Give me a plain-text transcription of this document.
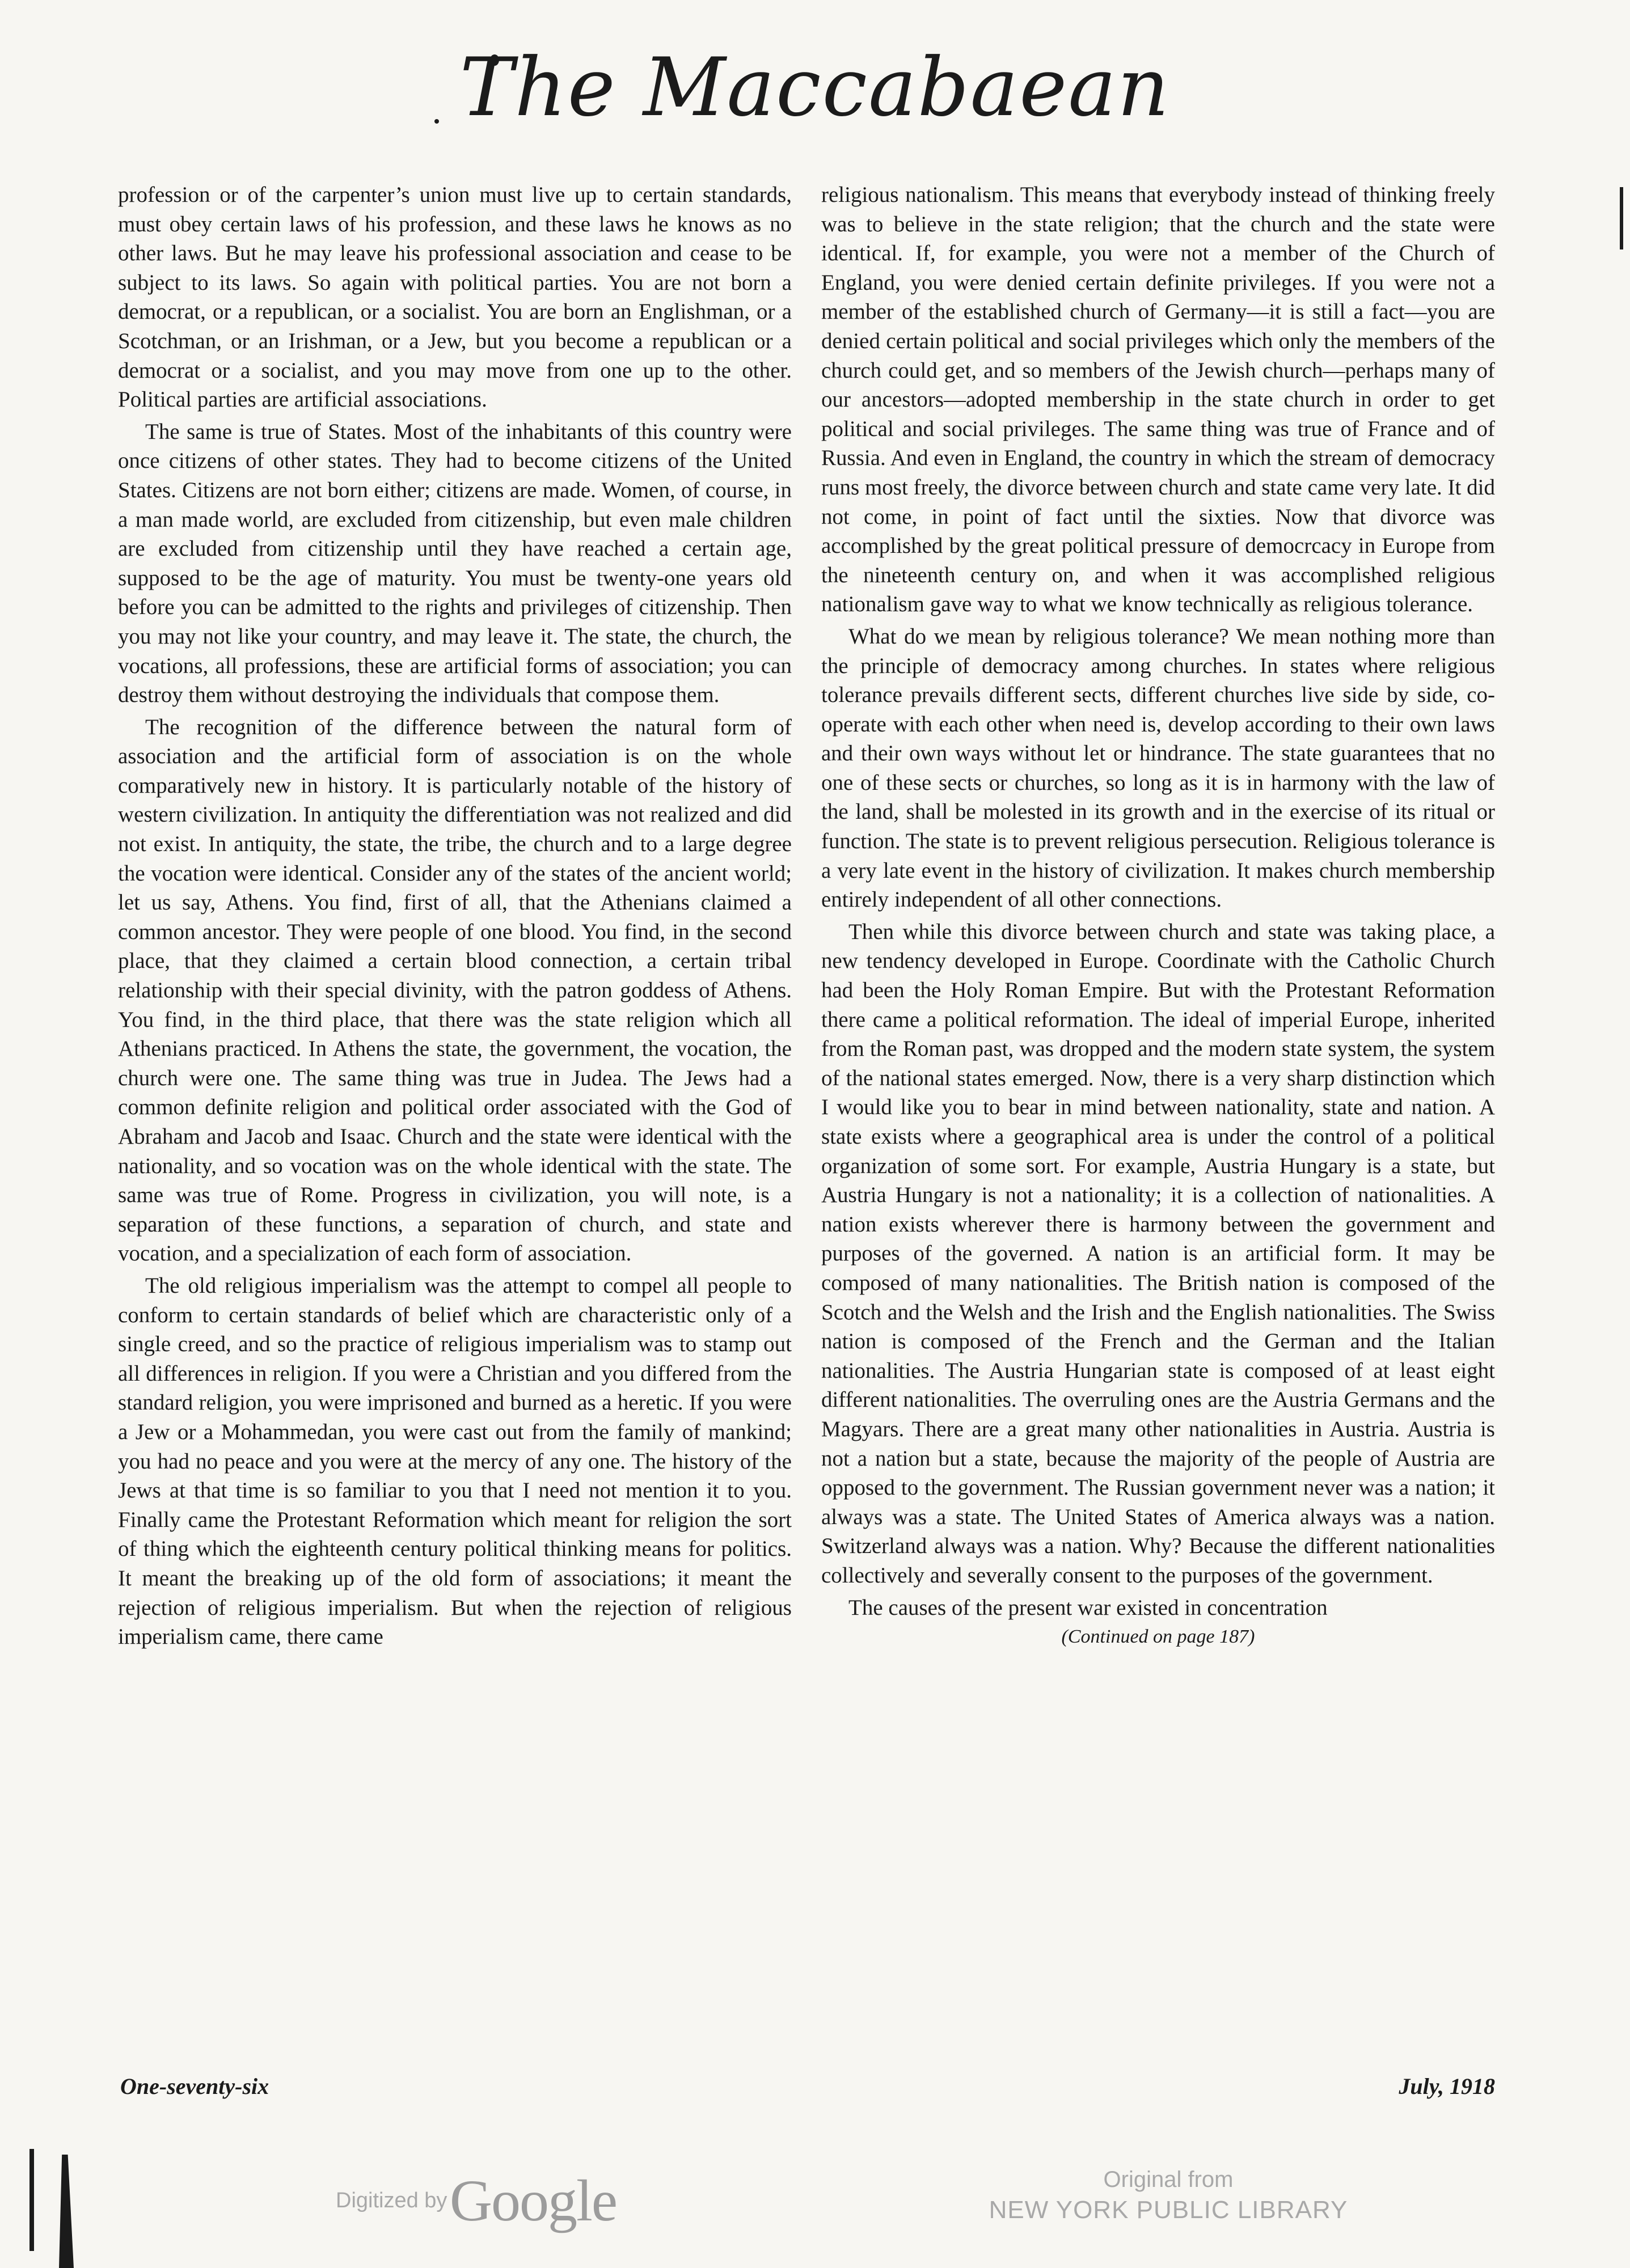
The Maccabaean

profession or of the carpenter’s union must live up to certain standards, must obey certain laws of his profession, and these laws he knows as no other laws. But he may leave his professional association and cease to be subject to its laws. So again with political parties. You are not born a democrat, or a republican, or a socialist. You are born an Englishman, or a Scotchman, or an Irishman, or a Jew, but you become a republican or a democrat or a socialist, and you may move from one up to the other. Political parties are artificial associations.

The same is true of States. Most of the inhabitants of this country were once citizens of other states. They had to become citizens of the United States. Citizens are not born either; citizens are made. Women, of course, in a man made world, are excluded from citizenship, but even male children are excluded from citizenship until they have reached a certain age, supposed to be the age of maturity. You must be twenty-one years old before you can be admitted to the rights and privileges of citizenship. Then you may not like your country, and may leave it. The state, the church, the vocations, all professions, these are artificial forms of association; you can destroy them without destroying the individuals that compose them.

The recognition of the difference between the natural form of association and the artificial form of association is on the whole comparatively new in history. It is particularly notable of the history of western civilization. In antiquity the differentiation was not realized and did not exist. In antiquity, the state, the tribe, the church and to a large degree the vocation were identical. Consider any of the states of the ancient world; let us say, Athens. You find, first of all, that the Athenians claimed a common ancestor. They were people of one blood. You find, in the second place, that they claimed a certain blood connection, a certain tribal relationship with their special divinity, with the patron goddess of Athens. You find, in the third place, that there was the state religion which all Athenians practiced. In Athens the state, the government, the vocation, the church were one. The same thing was true in Judea. The Jews had a common definite religion and political order associated with the God of Abraham and Jacob and Isaac. Church and the state were identical with the nationality, and so vocation was on the whole identical with the state. The same was true of Rome. Progress in civilization, you will note, is a separation of these functions, a separation of church, and state and vocation, and a specialization of each form of association.

The old religious imperialism was the attempt to compel all people to conform to certain standards of belief which are characteristic only of a single creed, and so the practice of religious imperialism was to stamp out all differences in religion. If you were a Christian and you differed from the standard religion, you were imprisoned and burned as a heretic. If you were a Jew or a Mohammedan, you were cast out from the family of mankind; you had no peace and you were at the mercy of any one. The history of the Jews at that time is so familiar to you that I need not mention it to you. Finally came the Protestant Reformation which meant for religion the sort of thing which the eighteenth century political thinking means for politics. It meant the breaking up of the old form of associations; it meant the rejection of religious imperialism. But when the rejection of religious imperialism came, there came

religious nationalism. This means that everybody instead of thinking freely was to believe in the state religion; that the church and the state were identical. If, for example, you were not a member of the Church of England, you were denied certain definite privileges. If you were not a member of the established church of Germany—it is still a fact—you are denied certain political and social privileges which only the members of the church could get, and so members of the Jewish church—perhaps many of our ancestors—adopted membership in the state church in order to get political and social privileges. The same thing was true of France and of Russia. And even in England, the country in which the stream of democracy runs most freely, the divorce between church and state came very late. It did not come, in point of fact until the sixties. Now that divorce was accomplished by the great political pressure of democrcacy in Europe from the nineteenth century on, and when it was accomplished religious nationalism gave way to what we know technically as religious tolerance.

What do we mean by religious tolerance? We mean nothing more than the principle of democracy among churches. In states where religious tolerance prevails different sects, different churches live side by side, co-operate with each other when need is, develop according to their own laws and their own ways without let or hindrance. The state guarantees that no one of these sects or churches, so long as it is in harmony with the law of the land, shall be molested in its growth and in the exercise of its ritual or function. The state is to prevent religious persecution. Religious tolerance is a very late event in the history of civilization. It makes church membership entirely independent of all other connections.

Then while this divorce between church and state was taking place, a new tendency developed in Europe. Coordinate with the Catholic Church had been the Holy Roman Empire. But with the Protestant Reformation there came a political reformation. The ideal of imperial Europe, inherited from the Roman past, was dropped and the modern state system, the system of the national states emerged. Now, there is a very sharp distinction which I would like you to bear in mind between nationality, state and nation. A state exists where a geographical area is under the control of a political organization of some sort. For example, Austria Hungary is a state, but Austria Hungary is not a nationality; it is a collection of nationalities. A nation exists wherever there is harmony between the government and purposes of the governed. A nation is an artificial form. It may be composed of many nationalities. The British nation is composed of the Scotch and the Welsh and the Irish and the English nationalities. The Swiss nation is composed of the French and the German and the Italian nationalities. The Austria Hungarian state is composed of at least eight different nationalities. The overruling ones are the Austria Germans and the Magyars. There are a great many other nationalities in Austria. Austria is not a nation but a state, because the majority of the people of Austria are opposed to the government. The Russian government never was a nation; it always was a state. The United States of America always was a nation. Switzerland always was a nation. Why? Because the different nationalities collectively and severally consent to the purposes of the government.

The causes of the present war existed in concentration

(Continued on page 187)
One-seventy-six	July, 1918
Digitized by Google	Original from
NEW YORK PUBLIC LIBRARY
